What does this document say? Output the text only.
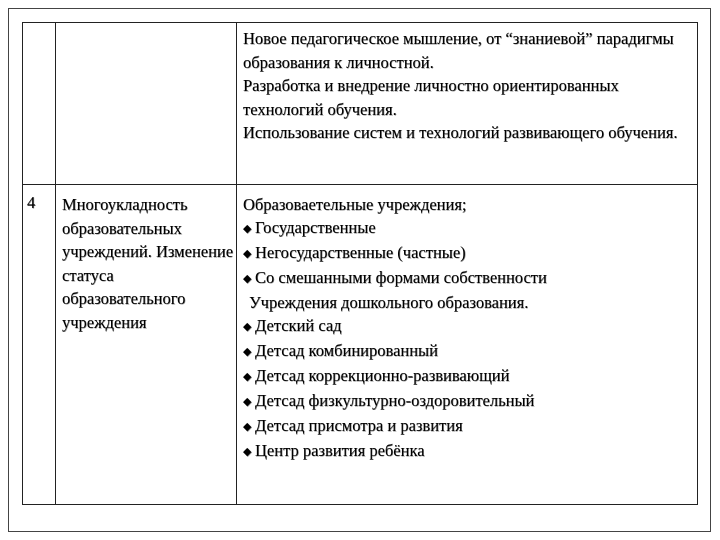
Новое педагогическое мышление, от “знаниевой” парадигмы образования к личностной.
Разработка и внедрение личностно ориентированных технологий обучения.
Использование систем и технологий развивающего обучения.
4 Многоукладность образовательных учреждений. Изменение статуса образовательного учреждения
Образоваетельные учреждения;
◆ Государственные
◆ Негосударственные (частные)
◆ Со смешанными формами собственности
Учреждения дошкольного образования.
◆ Детский сад
◆ Детсад комбинированный
◆ Детсад коррекционно-развивающий
◆ Детсад физкультурно-оздоровительный
◆ Детсад присмотра и развития
◆ Центр развития ребёнка
